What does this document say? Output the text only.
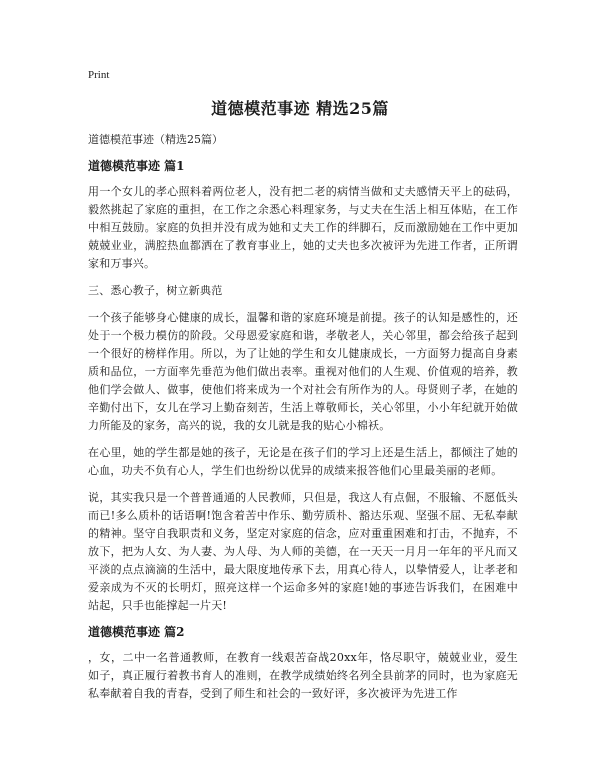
Print
道德模范事迹 精选25篇
道德模范事迹（精选25篇）
道德模范事迹 篇1

用一个女儿的孝心照料着两位老人，没有把二老的病情当做和丈夫感情天平上的砝码，毅然挑起了家庭的重担，在工作之余悉心料理家务，与丈夫在生活上相互体贴，在工作中相互鼓励。家庭的负担并没有成为她和丈夫工作的绊脚石，反而激励她在工作中更加兢兢业业，满腔热血都洒在了教育事业上，她的丈夫也多次被评为先进工作者，正所谓家和万事兴。

三、悉心教子，树立新典范

一个孩子能够身心健康的成长，温馨和谐的家庭环境是前提。孩子的认知是感性的，还处于一个极力模仿的阶段。父母恩爱家庭和谐，孝敬老人，关心邻里，都会给孩子起到一个很好的榜样作用。所以，为了让她的学生和女儿健康成长，一方面努力提高自身素质和品位，一方面率先垂范为他们做出表率。重视对他们的人生观、价值观的培养，教他们学会做人、做事，使他们将来成为一个对社会有所作为的人。母贤则子孝，在她的辛勤付出下，女儿在学习上勤奋刻苦，生活上尊敬师长，关心邻里，小小年纪就开始做力所能及的家务，高兴的说，我的女儿就是我的贴心小棉袄。

在心里，她的学生都是她的孩子，无论是在孩子们的学习上还是生活上，都倾注了她的心血，功夫不负有心人，学生们也纷纷以优异的成绩来报答他们心里最美丽的老师。

说，其实我只是一个普普通通的人民教师，只但是，我这人有点倔，不服输、不愿低头而已!多么质朴的话语啊!饱含着苦中作乐、勤劳质朴、豁达乐观、坚强不屈、无私奉献的精神。坚守自我职责和义务，坚定对家庭的信念，应对重重困难和打击，不抛弃，不放下，把为人女、为人妻、为人母、为人师的美德，在一天天一月月一年年的平凡而又平淡的点点滴滴的生活中，最大限度地传承下去，用真心待人，以挚情爱人，让孝老和爱亲成为不灭的长明灯，照亮这样一个运命多舛的家庭!她的事迹告诉我们，在困难中站起，只手也能撑起一片天!

道德模范事迹 篇2

，女，二中一名普通教师，在教育一线艰苦奋战20xx年，恪尽职守，兢兢业业，爱生如子，真正履行着教书育人的准则，在教学成绩始终名列全县前茅的同时，也为家庭无私奉献着自我的青春，受到了师生和社会的一致好评，多次被评为先进工作
